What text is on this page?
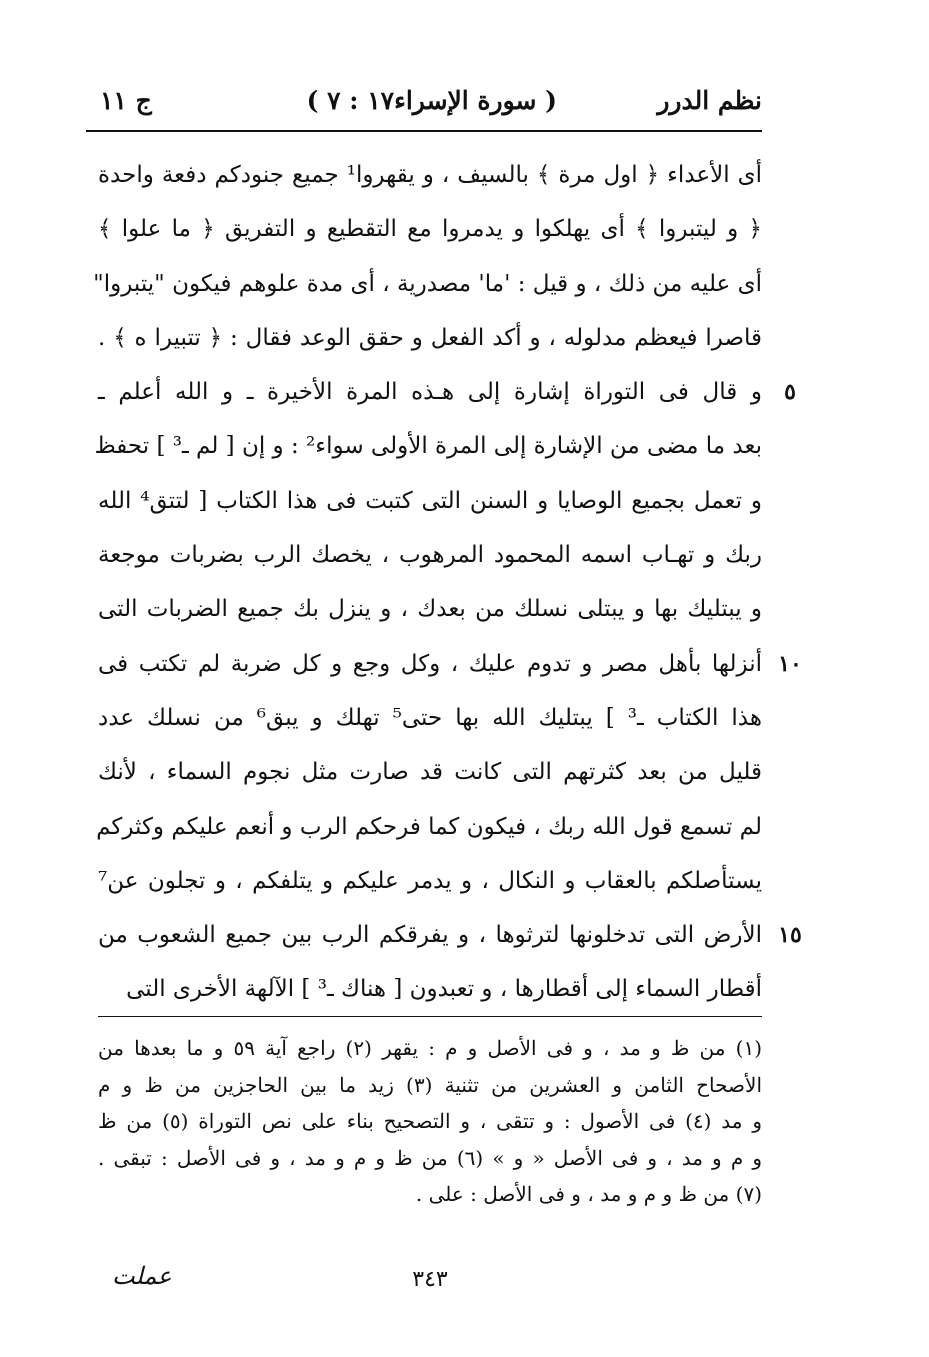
نظم الدرر
( سورة الإسراء١٧ : ٧ )
ج ١١
أى الأعداء ﴿ اول مرة ﴾ بالسيف ، و يقهروا¹ جميع جنودكم دفعة واحدة
﴿ و ليتبروا ﴾ أى يهلكوا و يدمروا مع التقطيع و التفريق ﴿ ما علوا ﴾
أى عليه من ذلك ، و قيل : 'ما' مصدرية ، أى مدة علوهم فيكون "يتبروا"
قاصرا فيعظم مدلوله ، و أكد الفعل و حقق الوعد فقال : ﴿ تتبيرا ه ﴾ .
و قال فى التوراة إشارة إلى هـذه المرة الأخيرة ـ و الله أعلم ـ	٥
بعد ما مضى من الإشارة إلى المرة الأولى سواء² : و إن [ لم ـ³ ] تحفظ
و تعمل بجميع الوصايا و السنن التى كتبت فى هذا الكتاب [ لتتق⁴ الله
ربك و تهـاب اسمه المحمود المرهوب ، يخصك الرب بضربات موجعة
و يبتليك بها و يبتلى نسلك من بعدك ، و ينزل بك جميع الضربات التى
أنزلها بأهل مصر و تدوم عليك ، وكل وجع و كل ضربة لم تكتب فى ١٠
هذا الكتاب ـ³ ] يبتليك الله بها حتى⁵ تهلك و يبق⁶ من نسلك عدد
قليل من بعد كثرتهم التى كانت قد صارت مثل نجوم السماء ، لأنك
لم تسمع قول الله ربك ، فيكون كما فرحكم الرب و أنعم عليكم وكثركم
يستأصلكم بالعقاب و النكال ، و يدمر عليكم و يتلفكم ، و تجلون عن⁷
الأرض التى تدخلونها لترثوها ، و يفرقكم الرب بين جميع الشعوب من ١٥
أقطار السماء إلى أقطارها ، و تعبدون [ هناك ـ³ ] الآلهة الأخرى التى
(١) من ظ و مد ، و فى الأصل و م : يقهر (٢) راجع آية ٥٩ و ما بعدها من
الأصحاح الثامن و العشرين من تثنية (٣) زيد ما بين الحاجزين من ظ و م
و مد (٤) فى الأصول : و تتقى ، و التصحيح بناء على نص التوراة (٥) من ظ
و م و مد ، و فى الأصل « و » (٦) من ظ و م و مد ، و فى الأصل : تبقى .
(٧) من ظ و م و مد ، و فى الأصل : على .
٣٤٣
عملت
